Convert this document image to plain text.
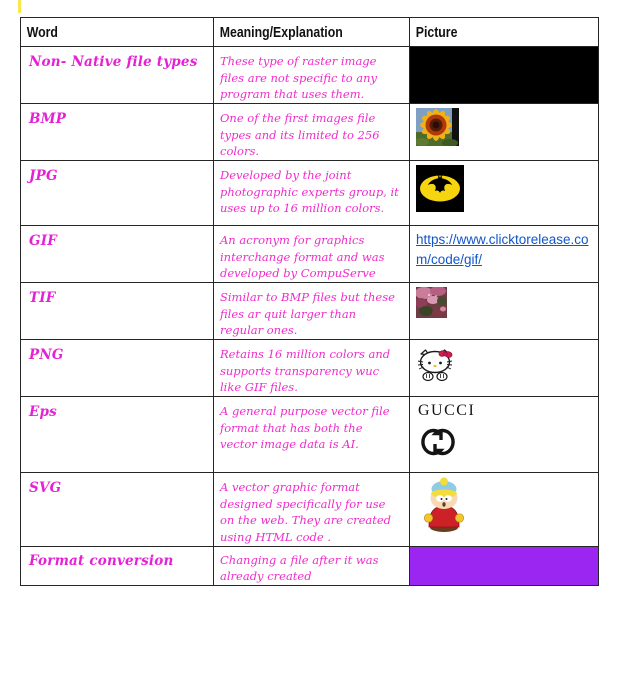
Word	Meaning/Explanation	Picture

Non- Native file types	These type of raster image files are not specific to any program that uses them.	

BMP	One of the first images file types and its limited to 256 colors.

JPG	Developed by the joint photographic experts group, it uses up to 16 million colors.

GIF	An acronym for graphics interchange format and was developed by CompuServe	https://www.clicktorelease.com/code/gif/

TIF	Similar to BMP files but these files ar quit larger than regular ones.

PNG	Retains 16 million colors and supports transparency wuc like GIF files.

Eps	A general purpose vector file format that has both the vector image data is AI.	GUCCI

SVG	A vector graphic format designed specifically for use on the web. They are created using HTML code .

Format conversion	Changing a file after it was already created	
